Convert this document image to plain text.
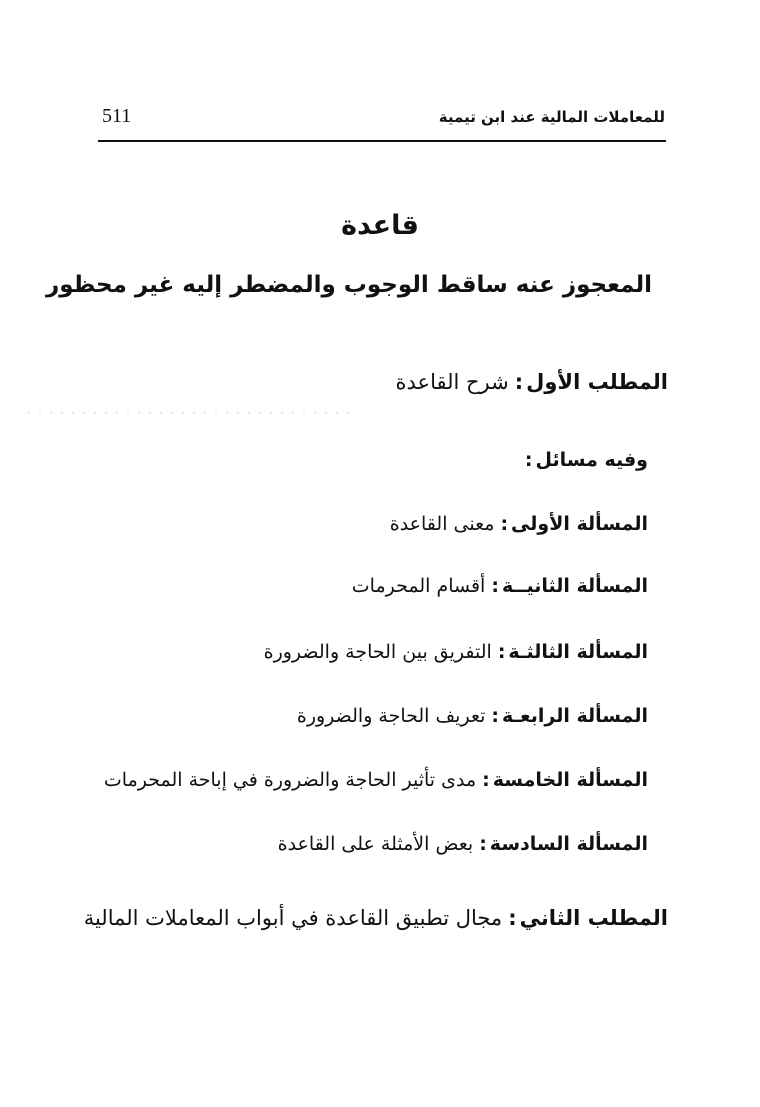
511	للمعاملات المالية عند ابن تيمية
قاعدة
المعجوز عنه ساقط الوجوب والمضطر إليه غير محظور
المطلب الأول:شرح القاعدة
وفيه مسائل:
المسألة الأولى:معنى القاعدة
المسألة الثانيــة:أقسام المحرمات
المسألة الثالثـة:التفريق بين الحاجة والضرورة
المسألة الرابعـة:تعريف الحاجة والضرورة
المسألة الخامسة:مدى تأثير الحاجة والضرورة في إباحة المحرمات
المسألة السادسة:بعض الأمثلة على القاعدة
المطلب الثاني:مجال تطبيق القاعدة في أبواب المعاملات المالية
